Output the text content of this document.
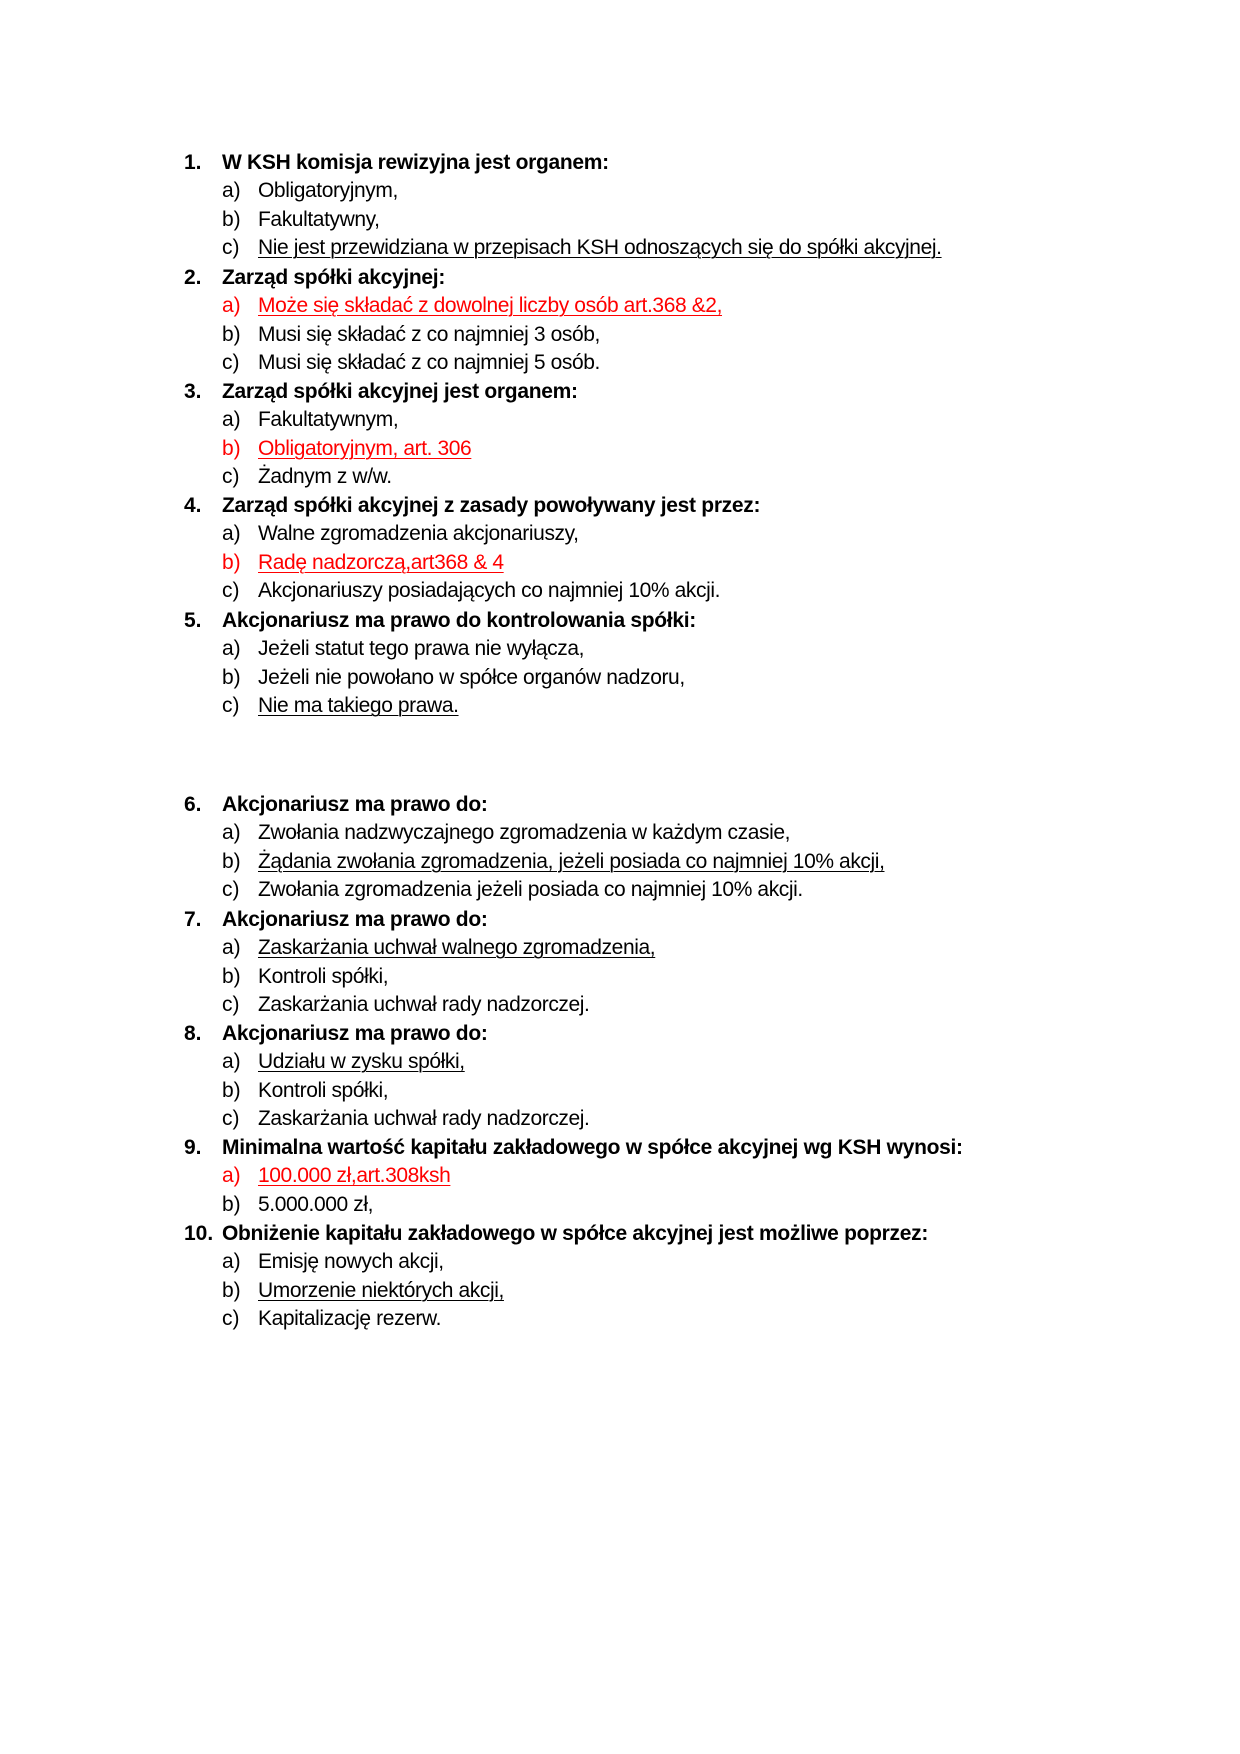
1. W KSH komisja rewizyjna jest organem:
a) Obligatoryjnym,
b) Fakultatywny,
c) Nie jest przewidziana w przepisach KSH odnoszących się do spółki akcyjnej.
2. Zarząd spółki akcyjnej:
a) Może się składać z dowolnej liczby osób art.368 &2,
b) Musi się składać z co najmniej 3 osób,
c) Musi się składać z co najmniej 5 osób.
3. Zarząd spółki akcyjnej jest organem:
a) Fakultatywnym,
b) Obligatoryjnym, art. 306
c) Żadnym z w/w.
4. Zarząd spółki akcyjnej z zasady powoływany jest przez:
a) Walne zgromadzenia akcjonariuszy,
b) Radę nadzorczą,art368 & 4
c) Akcjonariuszy posiadających co najmniej 10% akcji.
5. Akcjonariusz ma prawo do kontrolowania spółki:
a) Jeżeli statut tego prawa nie wyłącza,
b) Jeżeli nie powołano w spółce organów nadzoru,
c) Nie ma takiego prawa.
6. Akcjonariusz ma prawo do:
a) Zwołania nadzwyczajnego zgromadzenia w każdym czasie,
b) Żądania zwołania zgromadzenia, jeżeli posiada co najmniej 10% akcji,
c) Zwołania zgromadzenia jeżeli posiada co najmniej 10% akcji.
7. Akcjonariusz ma prawo do:
a) Zaskarżania uchwał walnego zgromadzenia,
b) Kontroli spółki,
c) Zaskarżania uchwał rady nadzorczej.
8. Akcjonariusz ma prawo do:
a) Udziału w zysku spółki,
b) Kontroli spółki,
c) Zaskarżania uchwał rady nadzorczej.
9. Minimalna wartość kapitału zakładowego w spółce akcyjnej wg KSH wynosi:
a) 100.000 zł,art.308ksh
b) 5.000.000 zł,
10. Obniżenie kapitału zakładowego w spółce akcyjnej jest możliwe poprzez:
a) Emisję nowych akcji,
b) Umorzenie niektórych akcji,
c) Kapitalizację rezerw.
